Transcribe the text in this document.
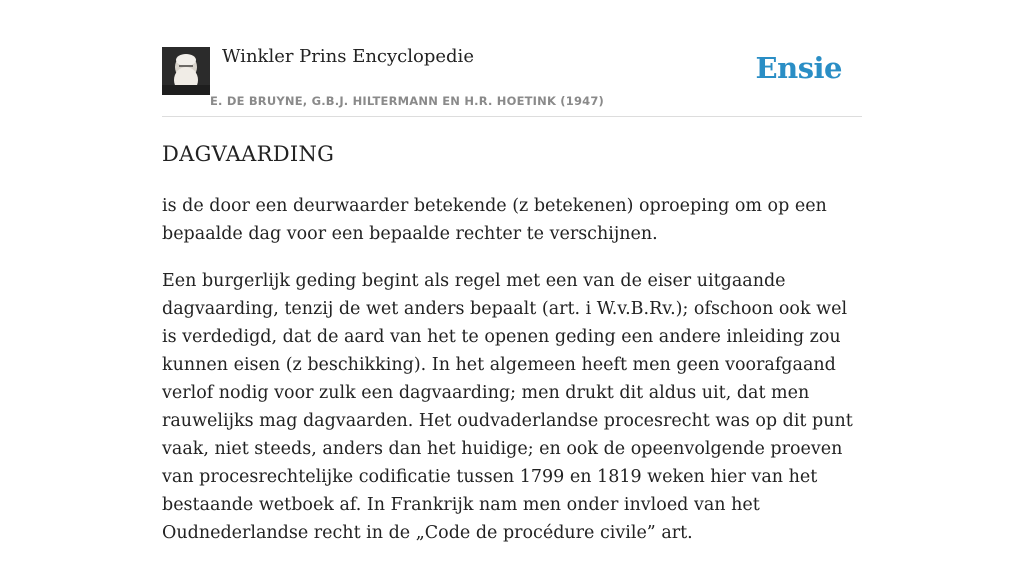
Winkler Prins Encyclopedie
E. DE BRUYNE, G.B.J. HILTERMANN EN H.R. HOETINK (1947)
Ensie
DAGVAARDING

is de door een deurwaarder betekende (z betekenen) oproeping om op een bepaalde dag voor een bepaalde rechter te verschijnen.

Een burgerlijk geding begint als regel met een van de eiser uitgaande dagvaarding, tenzij de wet anders bepaalt (art. i W.v.B.Rv.); ofschoon ook wel is verdedigd, dat de aard van het te openen geding een andere inleiding zou kunnen eisen (z beschikking). In het algemeen heeft men geen voorafgaand verlof nodig voor zulk een dagvaarding; men drukt dit aldus uit, dat men rauwelijks mag dagvaarden. Het oudvaderlandse procesrecht was op dit punt vaak, niet steeds, anders dan het huidige; en ook de opeenvolgende proeven van procesrechtelijke codificatie tussen 1799 en 1819 weken hier van het bestaande wetboek af. In Frankrijk nam men onder invloed van het Oudnederlandse recht in de „Code de procédure civile” art.
